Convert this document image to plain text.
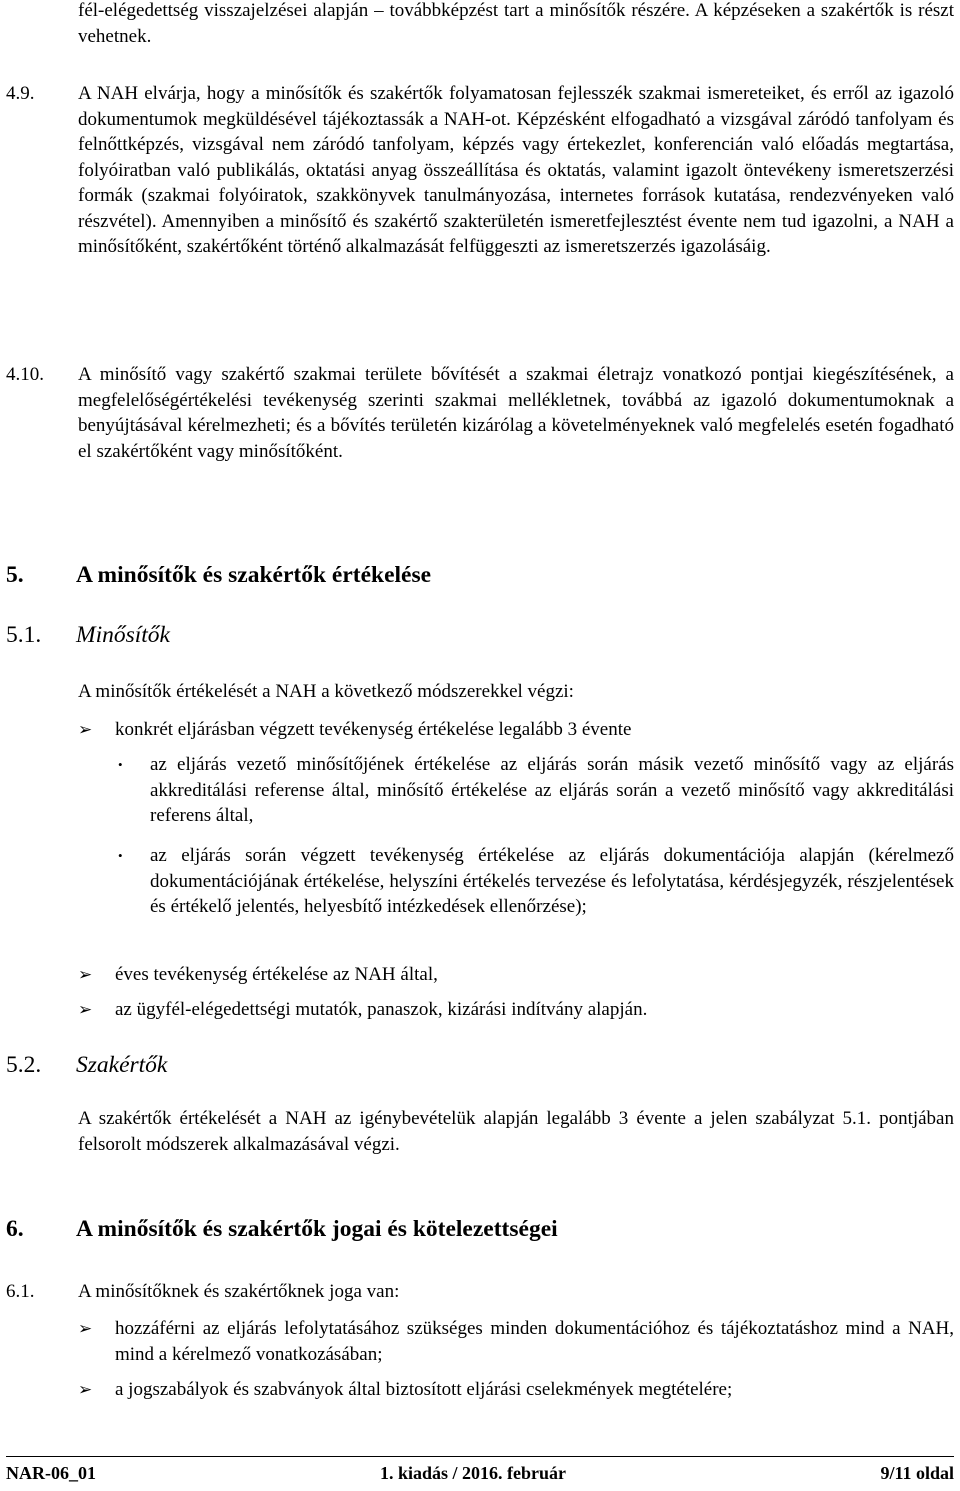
fél-elégedettség visszajelzései alapján – továbbképzést tart a minősítők részére. A képzéseken a szakértők is részt vehetnek.

4.9. A NAH elvárja, hogy a minősítők és szakértők folyamatosan fejlesszék szakmai ismereteiket, és erről az igazoló dokumentumok megküldésével tájékoztassák a NAH-ot. Képzésként elfogadható a vizsgával záródó tanfolyam és felnőttképzés, vizsgával nem záródó tanfolyam, képzés vagy értekezlet, konferencián való előadás megtartása, folyóiratban való publikálás, oktatási anyag összeállítása és oktatás, valamint igazolt öntevékeny ismeretszerzési formák (szakmai folyóiratok, szakkönyvek tanulmányozása, internetes források kutatása, rendezvényeken való részvétel). Amennyiben a minősítő és szakértő szakterületén ismeretfejlesztést évente nem tud igazolni, a NAH a minősítőként, szakértőként történő alkalmazását felfüggeszti az ismeretszerzés igazolásáig.

4.10. A minősítő vagy szakértő szakmai területe bővítését a szakmai életrajz vonatkozó pontjai kiegészítésének, a megfelelőségértékelési tevékenység szerinti szakmai mellékletnek, továbbá az igazoló dokumentumoknak a benyújtásával kérelmezheti; és a bővítés területén kizárólag a követelményeknek való megfelelés esetén fogadható el szakértőként vagy minősítőként.

5. A minősítők és szakértők értékelése
5.1. Minősítők

A minősítők értékelését a NAH a következő módszerekkel végzi:

➢ konkrét eljárásban végzett tevékenység értékelése legalább 3 évente

• az eljárás vezető minősítőjének értékelése az eljárás során másik vezető minősítő vagy az eljárás akkreditálási referense által, minősítő értékelése az eljárás során a vezető minősítő vagy akkreditálási referens által,

• az eljárás során végzett tevékenység értékelése az eljárás dokumentációja alapján (kérelmező dokumentációjának értékelése, helyszíni értékelés tervezése és lefolytatása, kérdésjegyzék, részjelentések és értékelő jelentés, helyesbítő intézkedések ellenőrzése);

➢ éves tevékenység értékelése az NAH által,

➢ az ügyfél-elégedettségi mutatók, panaszok, kizárási indítvány alapján.

5.2. Szakértők

A szakértők értékelését a NAH az igénybevételük alapján legalább 3 évente a jelen szabályzat 5.1. pontjában felsorolt módszerek alkalmazásával végzi.

6. A minősítők és szakértők jogai és kötelezettségei
6.1. A minősítőknek és szakértőknek joga van:

➢ hozzáférni az eljárás lefolytatásához szükséges minden dokumentációhoz és tájékoztatáshoz mind a NAH, mind a kérelmező vonatkozásában;

➢ a jogszabályok és szabványok által biztosított eljárási cselekmények megtételére;

NAR-06_01	1. kiadás / 2016. február	9/11 oldal
